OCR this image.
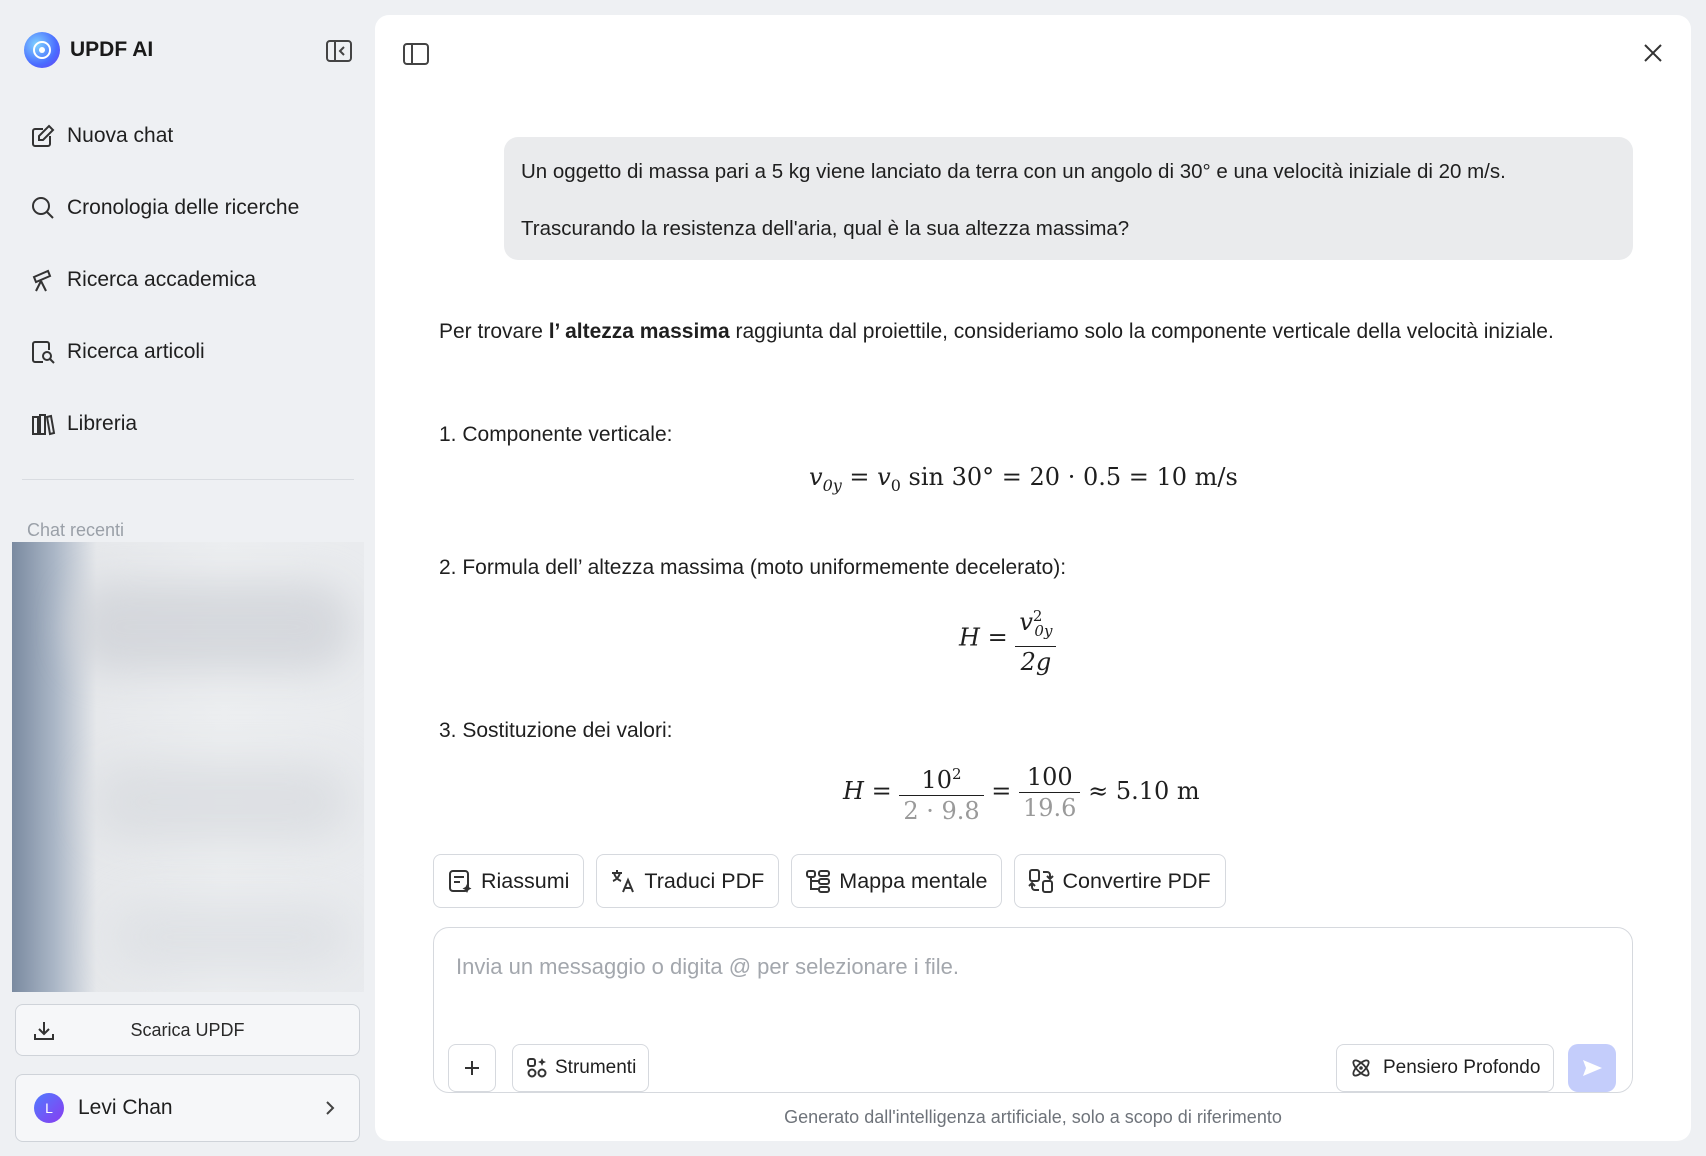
UPDF AI
Nuova chat
Cronologia delle ricerche
Ricerca accademica
Ricerca articoli
Libreria
Chat recenti
Scarica UPDF
L	Levi Chan

Un oggetto di massa pari a 5 kg viene lanciato da terra con un angolo di 30° e una velocità iniziale di 20 m/s.

Trascurando la resistenza dell'aria, qual è la sua altezza massima?

Per trovare l’ altezza massima raggiunta dal proiettile, consideriamo solo la componente verticale della velocità iniziale.

1. Componente verticale:

$v_{0y} = v_0$ sin 30° = 20 · 0.5 = 10 m/s

2. Formula dell’ altezza massima (moto uniformemente decelerato):

$H = \frac{v^2_{0y}}{2g}$

3. Sostituzione dei valori:

$H = \frac{10^2}{2 \cdot 9.8} = \frac{100}{19.6} \approx 5.10$ m
Riassumi	Traduci PDF	Mappa mentale	Convertire PDF
Invia un messaggio o digita @ per selezionare i file.
Strumenti	Pensiero Profondo
Generato dall'intelligenza artificiale, solo a scopo di riferimento
